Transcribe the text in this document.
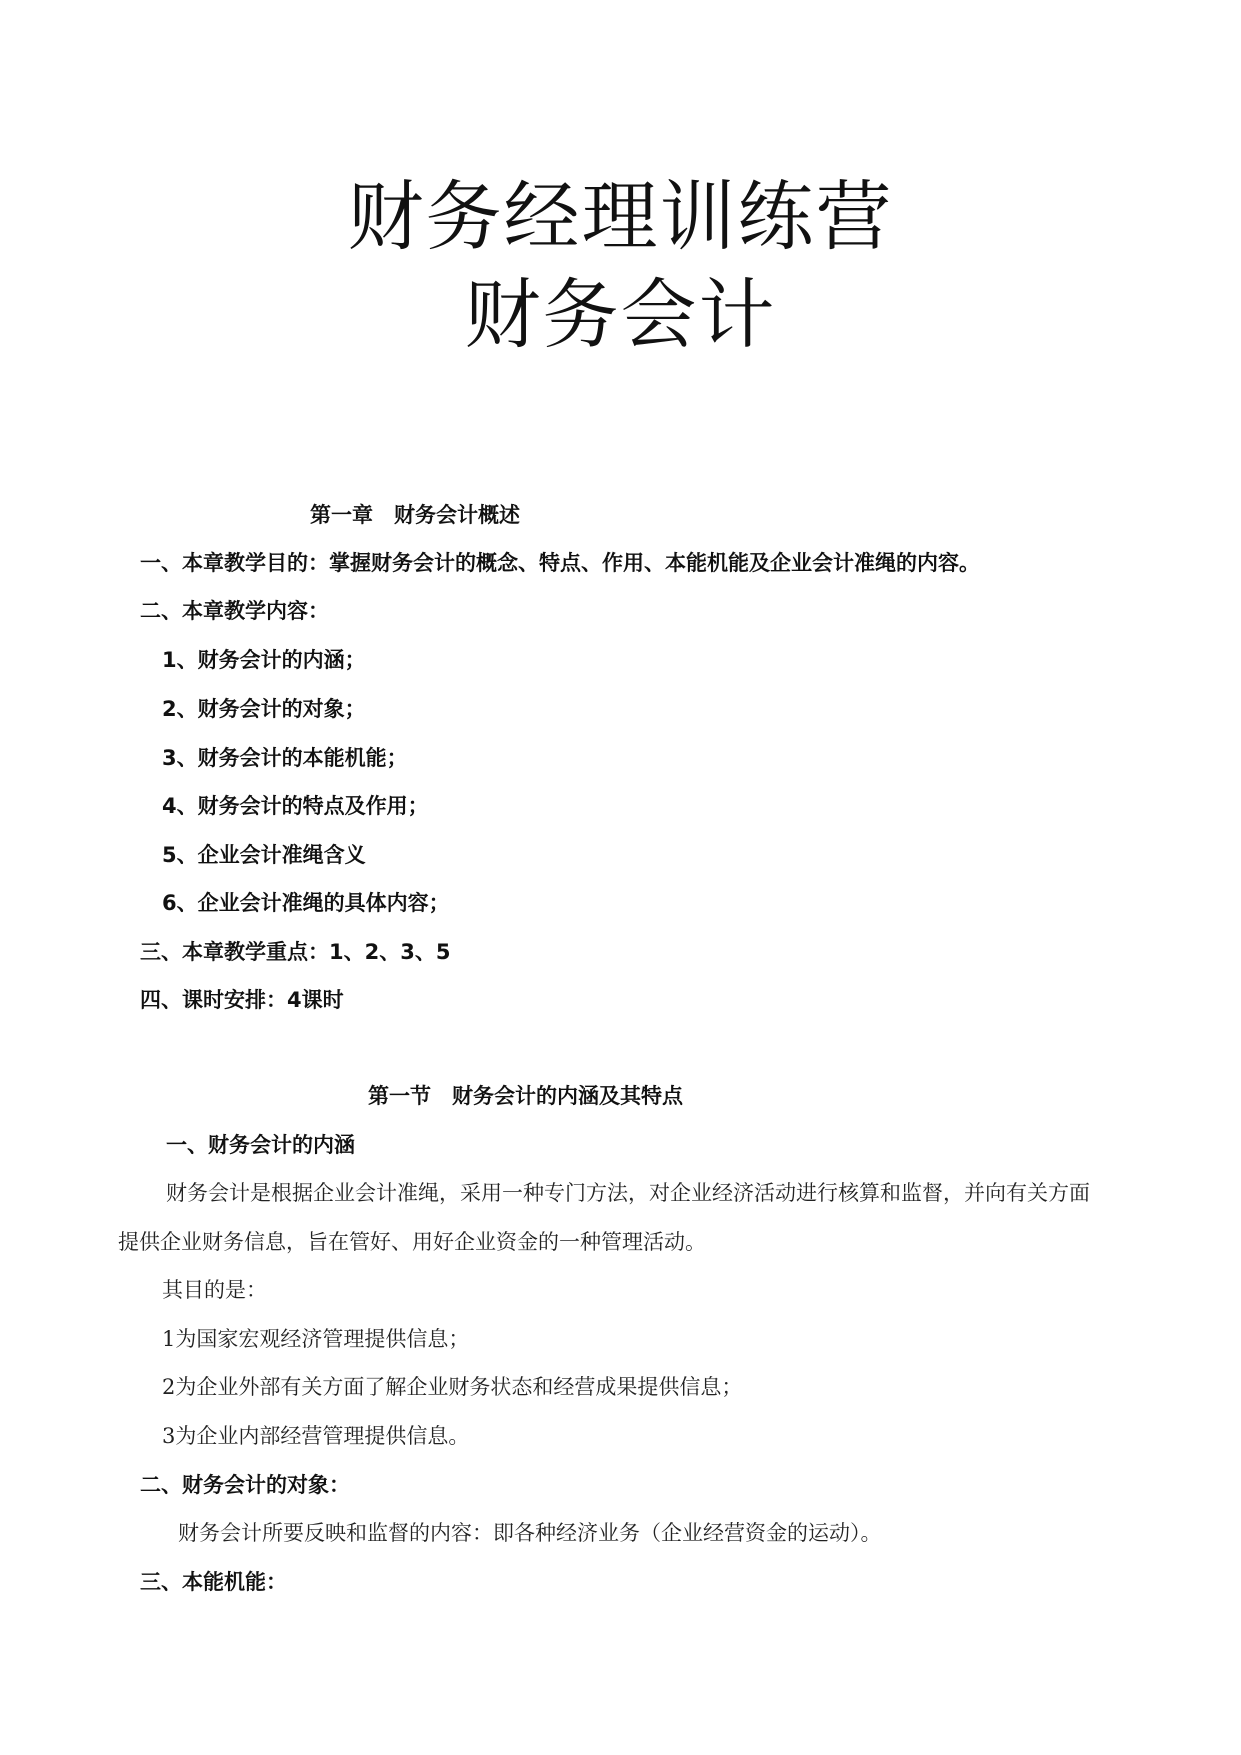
财务经理训练营
财务会计
第一章　财务会计概述
一、本章教学目的：掌握财务会计的概念、特点、作用、本能机能及企业会计准绳的内容。
二、本章教学内容：
1、财务会计的内涵；
2、财务会计的对象；
3、财务会计的本能机能；
4、财务会计的特点及作用；
5、企业会计准绳含义
6、企业会计准绳的具体内容；
三、本章教学重点：1、2、3、5
四、课时安排：4课时
第一节　财务会计的内涵及其特点
一、财务会计的内涵
财务会计是根据企业会计准绳，采用一种专门方法，对企业经济活动进行核算和监督，并向有关方面
提供企业财务信息，旨在管好、用好企业资金的一种管理活动。
其目的是：
1为国家宏观经济管理提供信息；
2为企业外部有关方面了解企业财务状态和经营成果提供信息；
3为企业内部经营管理提供信息。
二、财务会计的对象：
财务会计所要反映和监督的内容：即各种经济业务（企业经营资金的运动）。
三、本能机能：
